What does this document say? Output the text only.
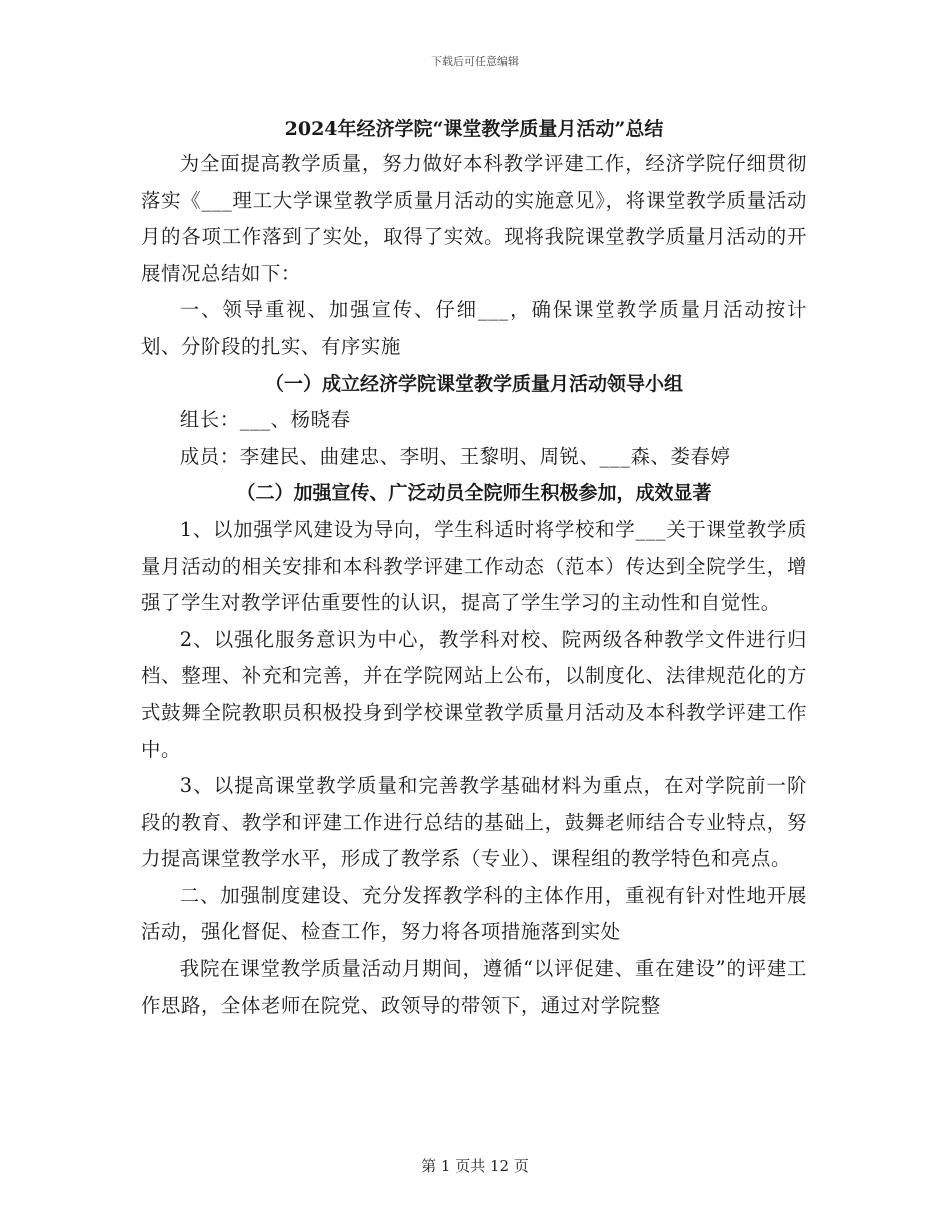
下载后可任意编辑
2024年经济学院“课堂教学质量月活动”总结

为全面提高教学质量，努力做好本科教学评建工作，经济学院仔细贯彻落实《___理工大学课堂教学质量月活动的实施意见》，将课堂教学质量活动月的各项工作落到了实处，取得了实效。现将我院课堂教学质量月活动的开展情况总结如下：

一、领导重视、加强宣传、仔细___，确保课堂教学质量月活动按计划、分阶段的扎实、有序实施

（一）成立经济学院课堂教学质量月活动领导小组

组长：___、杨晓春

成员：李建民、曲建忠、李明、王黎明、周锐、___森、娄春婷

（二）加强宣传、广泛动员全院师生积极参加，成效显著

1、以加强学风建设为导向，学生科适时将学校和学___关于课堂教学质量月活动的相关安排和本科教学评建工作动态（范本）传达到全院学生，增强了学生对教学评估重要性的认识，提高了学生学习的主动性和自觉性。

2、以强化服务意识为中心，教学科对校、院两级各种教学文件进行归档、整理、补充和完善，并在学院网站上公布，以制度化、法律规范化的方式鼓舞全院教职员积极投身到学校课堂教学质量月活动及本科教学评建工作中。

3、以提高课堂教学质量和完善教学基础材料为重点，在对学院前一阶段的教育、教学和评建工作进行总结的基础上，鼓舞老师结合专业特点，努力提高课堂教学水平，形成了教学系（专业）、课程组的教学特色和亮点。

二、加强制度建设、充分发挥教学科的主体作用，重视有针对性地开展活动，强化督促、检查工作，努力将各项措施落到实处

我院在课堂教学质量活动月期间，遵循“以评促建、重在建设”的评建工作思路，全体老师在院党、政领导的带领下，通过对学院整

第 1 页共 12 页
